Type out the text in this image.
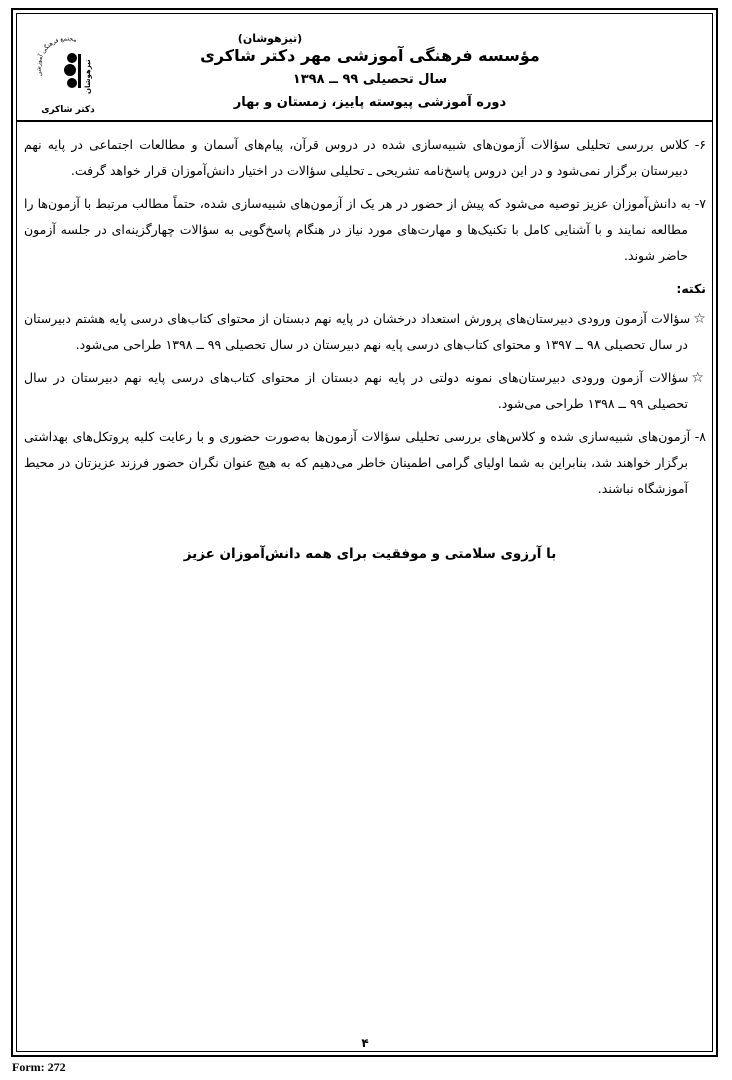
مجتمع فرهنگی آموزشی
تیزهوشان
دکتر شاکری
(تیزهوشان)
مؤسسه فرهنگی آموزشی مهر دکتر شاکری
سال تحصیلی ۹۹ ــ ۱۳۹۸
دوره آموزشی پیوسته پاییز، زمستان و بهار

۶- کلاس بررسی تحلیلی سؤالات آزمون‌های شبیه‌سازی شده در دروس قرآن، پیام‌های آسمان و مطالعات اجتماعی در پایه نهم دبیرستان برگزار نمی‌شود و در این دروس پاسخ‌نامه تشریحی ـ تحلیلی سؤالات در اختیار دانش‌آموزان قرار خواهد گرفت.

۷- به دانش‌آموزان عزیز توصیه می‌شود که پیش از حضور در هر یک از آزمون‌های شبیه‌سازی شده، حتماً مطالب مرتبط با آزمون‌ها را مطالعه نمایند و با آشنایی کامل با تکنیک‌ها و مهارت‌های مورد نیاز در هنگام پاسخ‌گویی به سؤالات چهارگزینه‌ای در جلسه آزمون حاضر شوند.

نکته:

☆سؤالات آزمون ورودی دبیرستان‌های پرورش استعداد درخشان در پایه نهم دبستان از محتوای کتاب‌های درسی پایه هشتم دبیرستان در سال تحصیلی ۹۸ ــ ۱۳۹۷ و محتوای کتاب‌های درسی پایه نهم دبیرستان در سال تحصیلی ۹۹ ــ ۱۳۹۸ طراحی می‌شود.

☆سؤالات آزمون ورودی دبیرستان‌های نمونه دولتی در پایه نهم دبستان از محتوای کتاب‌های درسی پایه نهم دبیرستان در سال تحصیلی ۹۹ ــ ۱۳۹۸ طراحی می‌شود.

۸- آزمون‌های شبیه‌سازی شده و کلاس‌های بررسی تحلیلی سؤالات آزمون‌ها به‌صورت حضوری و با رعایت کلیه پروتکل‌های بهداشتی برگزار خواهند شد، بنابراین به شما اولیای گرامی اطمینان خاطر می‌دهیم که به هیچ عنوان نگران حضور فرزند عزیزتان در محیط آموزشگاه نباشند.

با آرزوی سلامتی و موفقیت برای همه دانش‌آموزان عزیز
۴
Form: 272
